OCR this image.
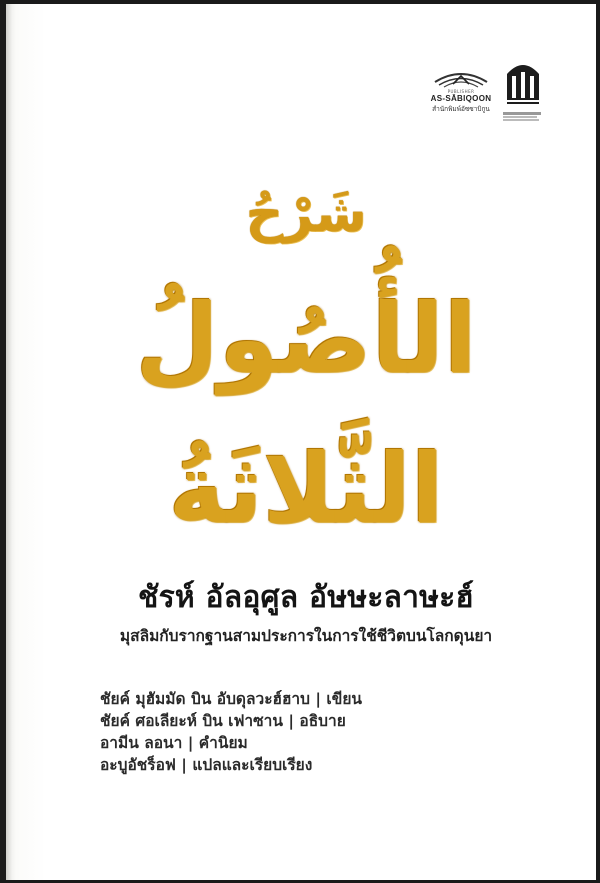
PUBLISHER
AS-SĀBIQOON
สำนักพิมพ์อัซซาบิกูน
شَرْحُ
الأُصُولُ الثَّلاثَةُ
ชัรห์ อัลอุศูล อัษษะลาษะฮ์
มุสลิมกับรากฐานสามประการในการใช้ชีวิตบนโลกดุนยา
ชัยค์ มุฮัมมัด บิน อับดุลวะฮ์ฮาบ | เขียน
ชัยค์ ศอเลียะห์ บิน เฟาซาน | อธิบาย
อามีน ลอนา | คำนิยม
อะบูอัชร็อฟ | แปลและเรียบเรียง
